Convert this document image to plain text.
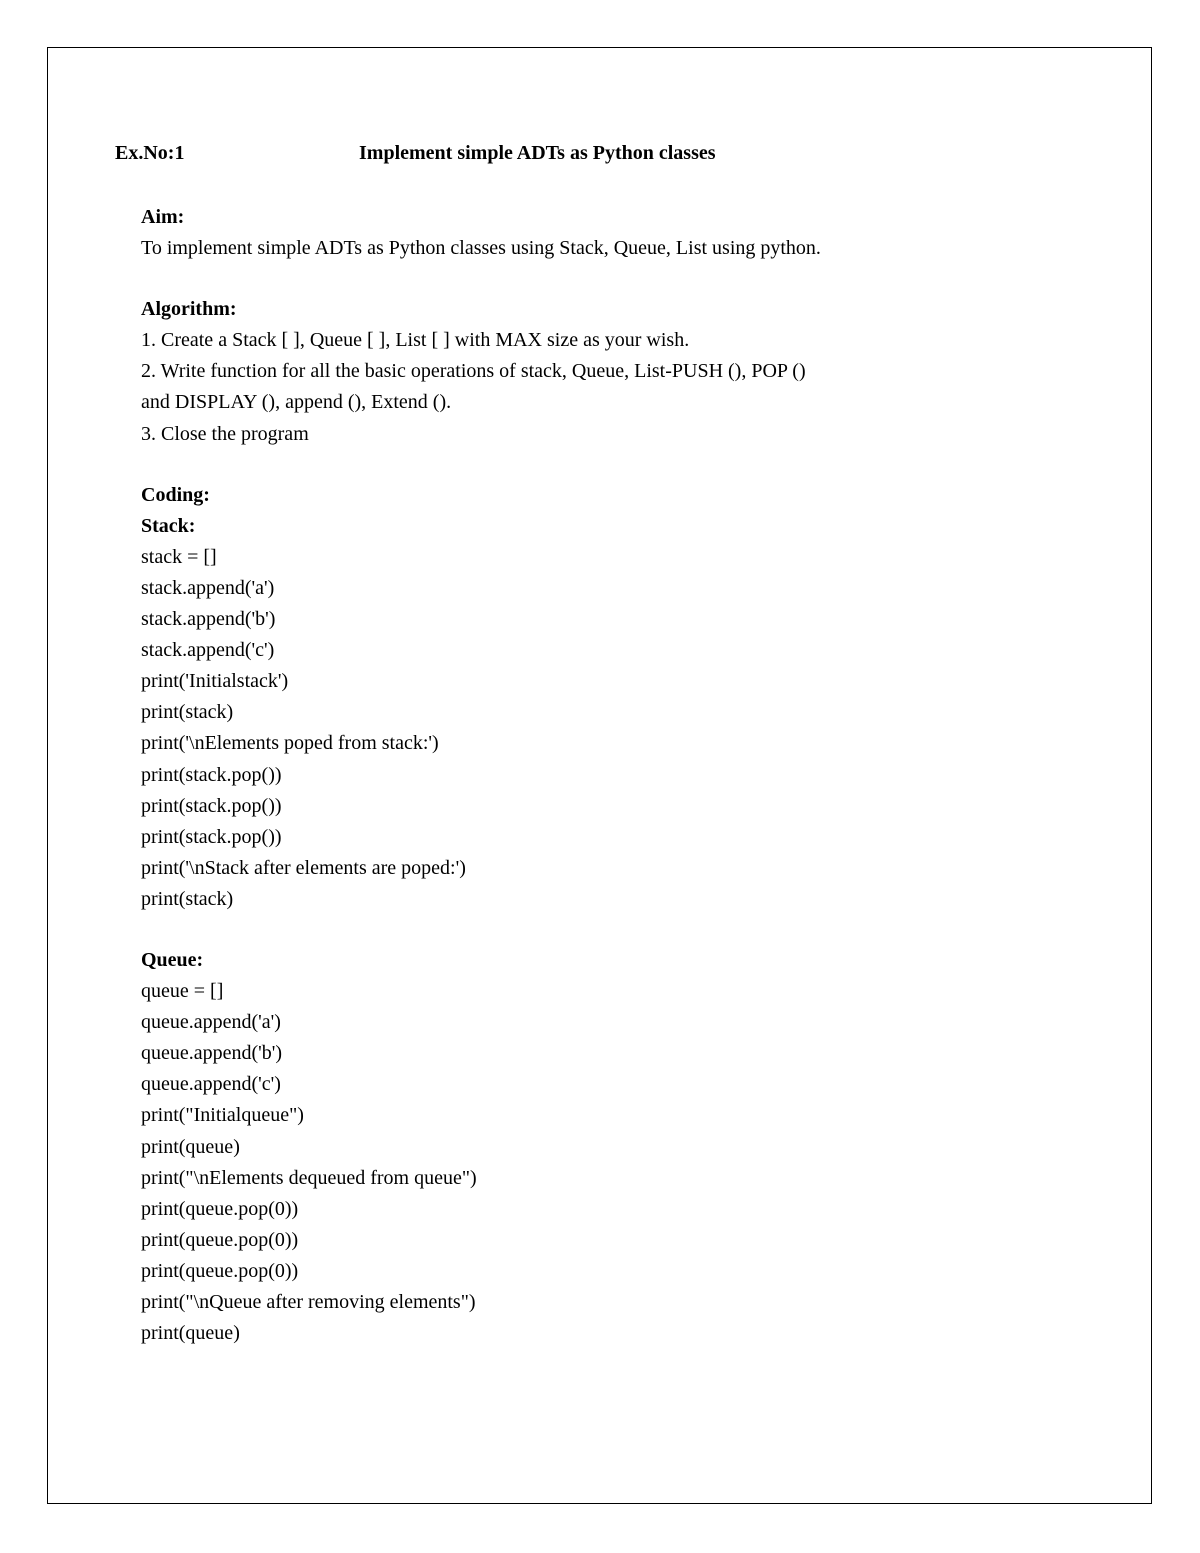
Ex.No:1	Implement simple ADTs as Python classes
Aim:
To implement simple ADTs as Python classes using Stack, Queue, List using python.
Algorithm:
1. Create a Stack [ ], Queue [ ], List [ ] with MAX size as your wish.
2. Write function for all the basic operations of stack, Queue, List-PUSH (), POP ()
and DISPLAY (), append (), Extend ().
3. Close the program
Coding:
Stack:
stack = []
stack.append('a')
stack.append('b')
stack.append('c')
print('Initialstack')
print(stack)
print('\nElements poped from stack:')
print(stack.pop())
print(stack.pop())
print(stack.pop())
print('\nStack after elements are poped:')
print(stack)
Queue:
queue = []
queue.append('a')
queue.append('b')
queue.append('c')
print("Initialqueue")
print(queue)
print("\nElements dequeued from queue")
print(queue.pop(0))
print(queue.pop(0))
print(queue.pop(0))
print("\nQueue after removing elements")
print(queue)
